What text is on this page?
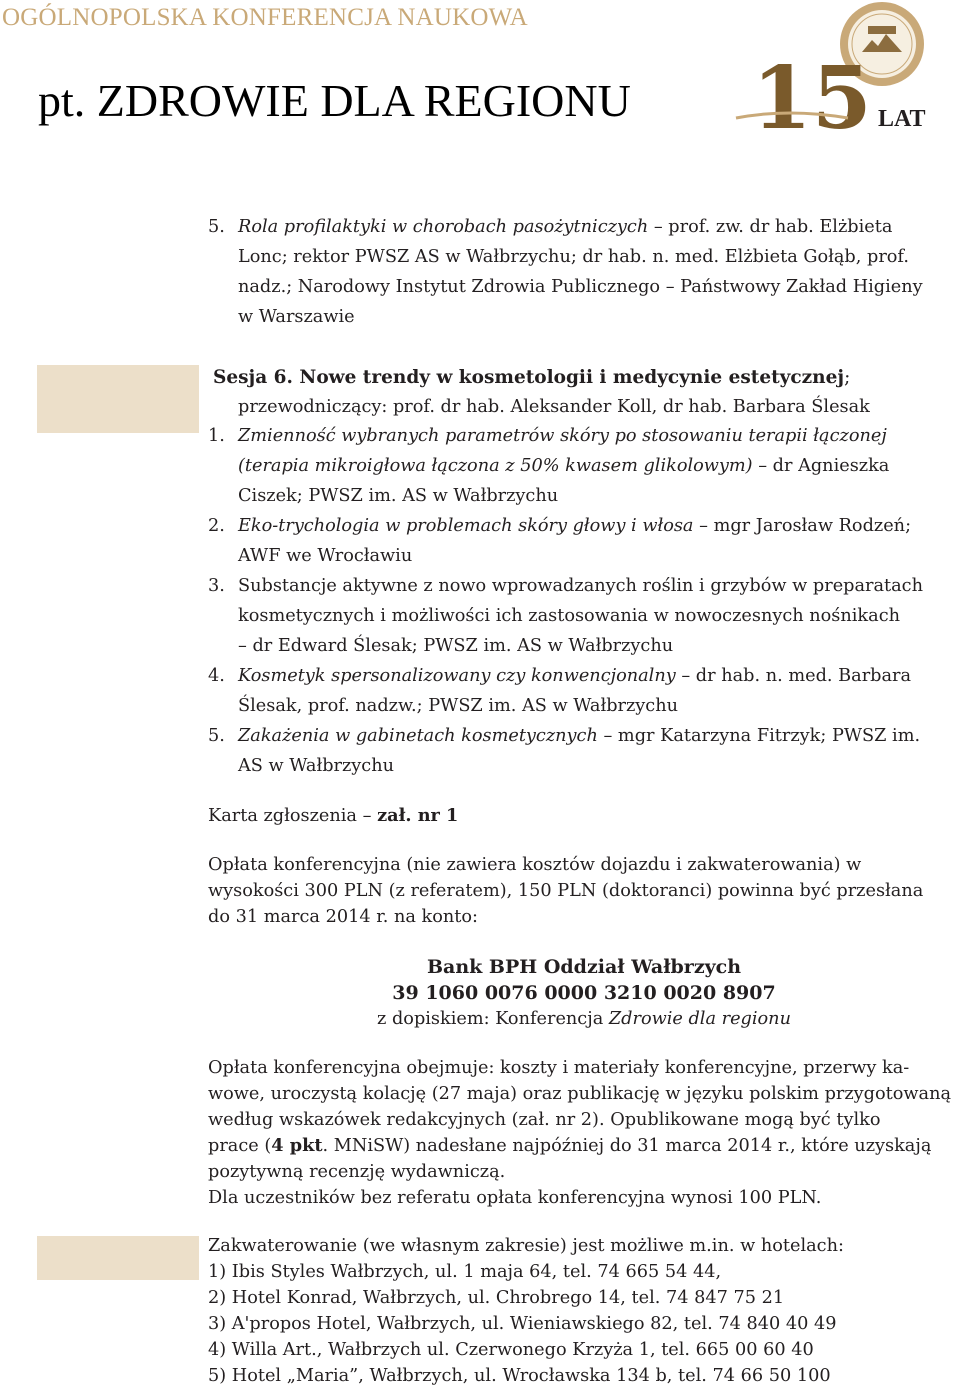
OGÓLNOPOLSKA KONFERENCJA NAUKOWA
pt. ZDROWIE DLA REGIONU 15 LAT
5. Rola profilaktyki w chorobach pasożytniczych – prof. zw. dr hab. Elżbieta
Lonc; rektor PWSZ AS w Wałbrzychu; dr hab. n. med. Elżbieta Gołąb, prof.
nadz.; Narodowy Instytut Zdrowia Publicznego – Państwowy Zakład Higieny
w Warszawie
Sesja 6. Nowe trendy w kosmetologii i medycynie estetycznej;
przewodniczący: prof. dr hab. Aleksander Koll, dr hab. Barbara Ślesak
1. Zmienność wybranych parametrów skóry po stosowaniu terapii łączonej
(terapia mikroigłowa łączona z 50% kwasem glikolowym) – dr Agnieszka
Ciszek; PWSZ im. AS w Wałbrzychu
2. Eko-trychologia w problemach skóry głowy i włosa – mgr Jarosław Rodzeń;
AWF we Wrocławiu
3. Substancje aktywne z nowo wprowadzanych roślin i grzybów w preparatach
kosmetycznych i możliwości ich zastosowania w nowoczesnych nośnikach
– dr Edward Ślesak; PWSZ im. AS w Wałbrzychu
4. Kosmetyk spersonalizowany czy konwencjonalny – dr hab. n. med. Barbara
Ślesak, prof. nadzw.; PWSZ im. AS w Wałbrzychu
5. Zakażenia w gabinetach kosmetycznych – mgr Katarzyna Fitrzyk; PWSZ im.
AS w Wałbrzychu
Karta zgłoszenia – zał. nr 1
Opłata konferencyjna (nie zawiera kosztów dojazdu i zakwaterowania) w
wysokości 300 PLN (z referatem), 150 PLN (doktoranci) powinna być przesłana
do 31 marca 2014 r. na konto:
Bank BPH Oddział Wałbrzych
39 1060 0076 0000 3210 0020 8907
z dopiskiem: Konferencja Zdrowie dla regionu
Opłata konferencyjna obejmuje: koszty i materiały konferencyjne, przerwy ka-
wowe, uroczystą kolację (27 maja) oraz publikację w języku polskim przygotowaną
według wskazówek redakcyjnych (zał. nr 2). Opublikowane mogą być tylko
prace (4 pkt. MNiSW) nadesłane najpóźniej do 31 marca 2014 r., które uzyskają
pozytywną recenzję wydawniczą.
Dla uczestników bez referatu opłata konferencyjna wynosi 100 PLN.
Zakwaterowanie (we własnym zakresie) jest możliwe m.in. w hotelach:
1) Ibis Styles Wałbrzych, ul. 1 maja 64, tel. 74 665 54 44,
2) Hotel Konrad, Wałbrzych, ul. Chrobrego 14, tel. 74 847 75 21
3) A'propos Hotel, Wałbrzych, ul. Wieniawskiego 82, tel. 74 840 40 49
4) Willa Art., Wałbrzych ul. Czerwonego Krzyża 1, tel. 665 00 60 40
5) Hotel „Maria”, Wałbrzych, ul. Wrocławska 134 b, tel. 74 66 50 100
